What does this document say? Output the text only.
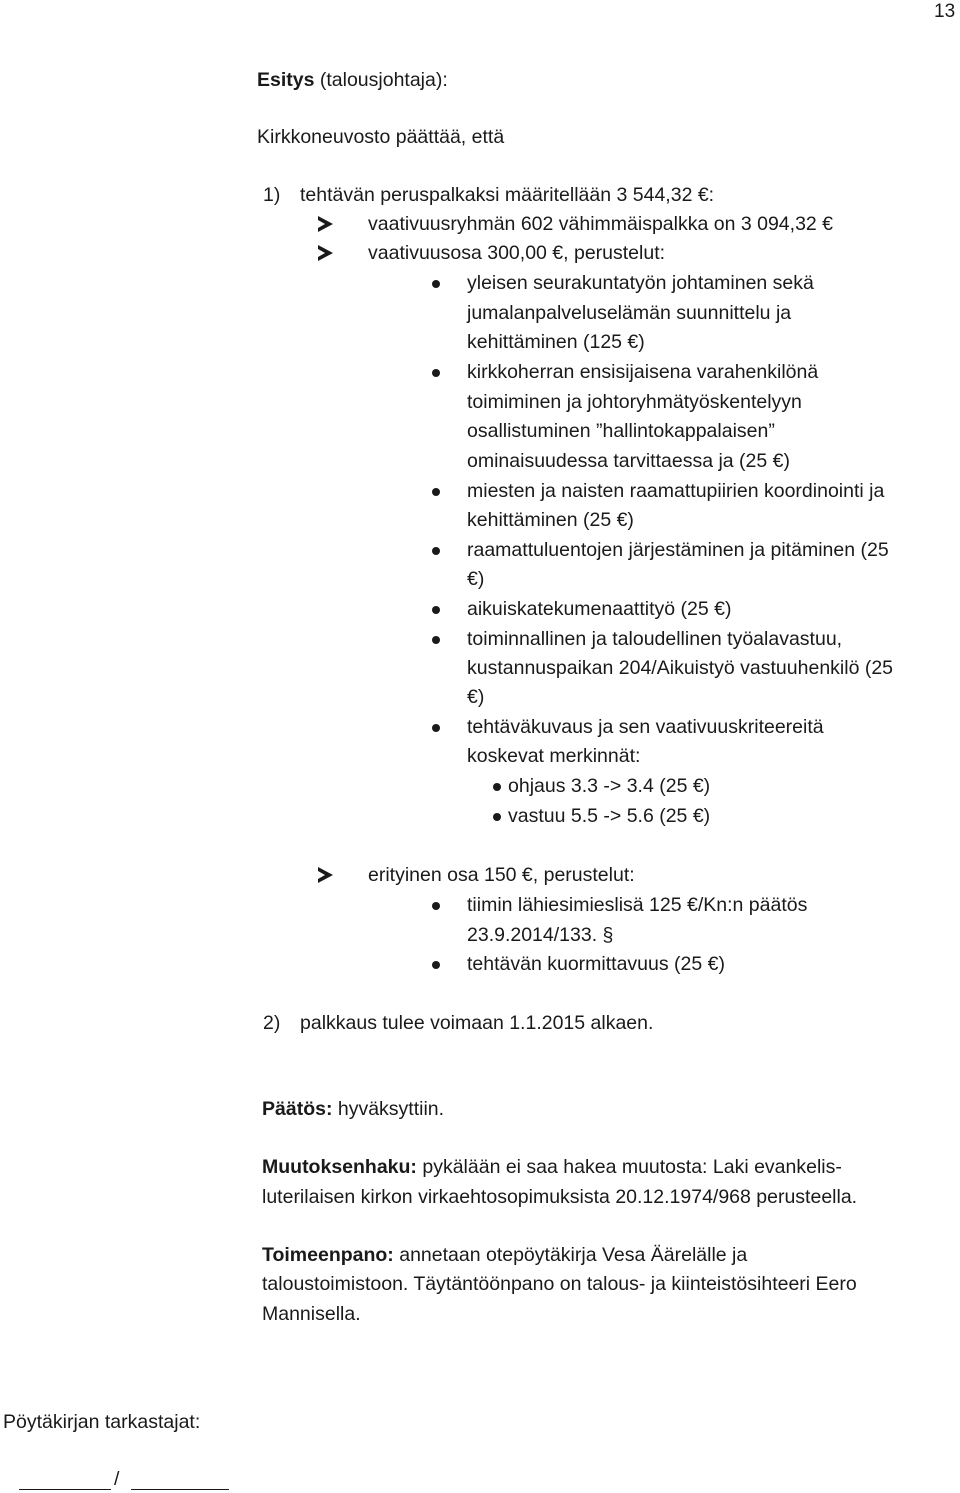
13
Esitys (talousjohtaja):
Kirkkoneuvosto päättää, että
1) tehtävän peruspalkaksi määritellään 3 544,32 €:
vaativuusryhmän 602 vähimmäispalkka on 3 094,32 €
vaativuusosa 300,00 €, perustelut:
yleisen seurakuntatyön johtaminen sekä
jumalanpalveluselämän suunnittelu ja
kehittäminen (125 €)
kirkkoherran ensisijaisena varahenkilönä
toimiminen ja johtoryhmätyöskentelyyn
osallistuminen ”hallintokappalaisen”
ominaisuudessa tarvittaessa ja (25 €)
miesten ja naisten raamattupiirien koordinointi ja
kehittäminen (25 €)
raamattuluentojen järjestäminen ja pitäminen (25
€)
aikuiskatekumenaattityö (25 €)
toiminnallinen ja taloudellinen työalavastuu,
kustannuspaikan 204/Aikuistyö vastuuhenkilö (25
€)
tehtäväkuvaus ja sen vaativuuskriteereitä
koskevat merkinnät:
ohjaus 3.3 -> 3.4 (25 €)
vastuu 5.5 -> 5.6 (25 €)
erityinen osa 150 €, perustelut:
tiimin lähiesimieslisä 125 €/Kn:n päätös
23.9.2014/133. §
tehtävän kuormittavuus (25 €)
2) palkkaus tulee voimaan 1.1.2015 alkaen.
Päätös: hyväksyttiin.
Muutoksenhaku: pykälään ei saa hakea muutosta: Laki evankelis-
luterilaisen kirkon virkaehtosopimuksista 20.12.1974/968 perusteella.
Toimeenpano: annetaan otepöytäkirja Vesa Äärelälle ja
taloustoimistoon. Täytäntöönpano on talous- ja kiinteistösihteeri Eero
Mannisella.
Pöytäkirjan tarkastajat:
/
